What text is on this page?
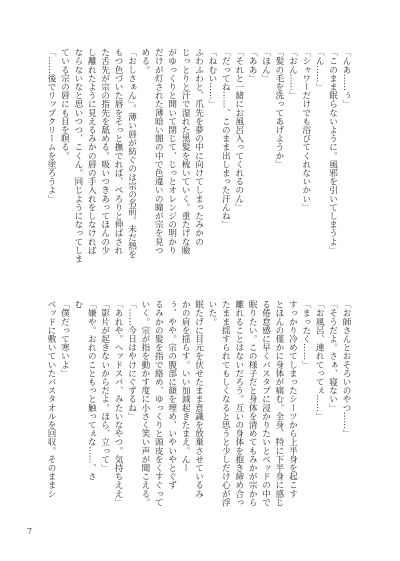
「んあ……ぅ」
「このまま眠らないように。風邪を引いてしまうよ」
「ん……」
「シャワーだけでも浴びてくれないかい」
「おん……」
「髪の毛を洗ってあげようか」
「ほん」
「ああ」
「それと一緒にお風呂入ってくれるのん」
「だってね……、このまま出しまった汗んね」
「ねむい……」
ふわふわと、爪先を夢の中に向けてしまったみかの
じっとりと汗で湿れた黒髪を梳いていく。重たげな瞼
がゆっくりと開いて閉じて、じっとオレンジの明かり
だけが灯された薄暗い闇の中で色違いの瞳が宗を見つ
める。
「おしさぁん」。薄い唇が紡ぐのは宗の名前。未だ熱を
もつ色づいた唇をそっと撫でれば、ぺろりと伸ばされ
た舌先が宗の指先を舐める。吸いつきあってほんの少
し離れたように見えるみかの唇の手入れをしなければ
ならないなと思いつつ、こくん。同じようになってしま
ている宗の唇にも目を瞑る。
「……後でリップクリームを塗ろうよ」
「お師さんとおそろいのやつ……」
「そうだよ。さぁ、寝ない」
「お風呂、連れてってぇ……」
「まったく……」
すっかり冷めてしまったシーツから上半身を起こす
とほんの僅かに身体が痛む。全身、特に下半身に感じ
る倦怠感に早くバスタブに浸かりたいとベッドの中で
眠りたい。この様子だと身体を清めてもみかが宗から
離れることはないだろう。互いの身体を抱き締め合っ
たまま揺すられてもしくなると思うと少しだけ心が浮
いた。
眠たげに目元を伏せたまま意識を放棄させているみ
かの肩を揺らす。いい加減起きたまえ。んー
ぅ、やや。宗の腹部に顔を埋め、いやいやとぐず
るみかの髪を指で絡め、ゆっくりと頭皮をくすぐって
いく。宗が指を動かす度に小さく笑い声が聞こえる。
「……今日はやけにぐずるね」
「あれや。ヘッドスパ、みたいなやつ。気持ちええ」
「影片が起きないからだよ。ほら、立って」
「嫌や。おれのこともっと触ってぇな……、さ
む
「僕だって寒いよ」
ベッドに敷いていたバスタオルを回収。そのままシ
7
